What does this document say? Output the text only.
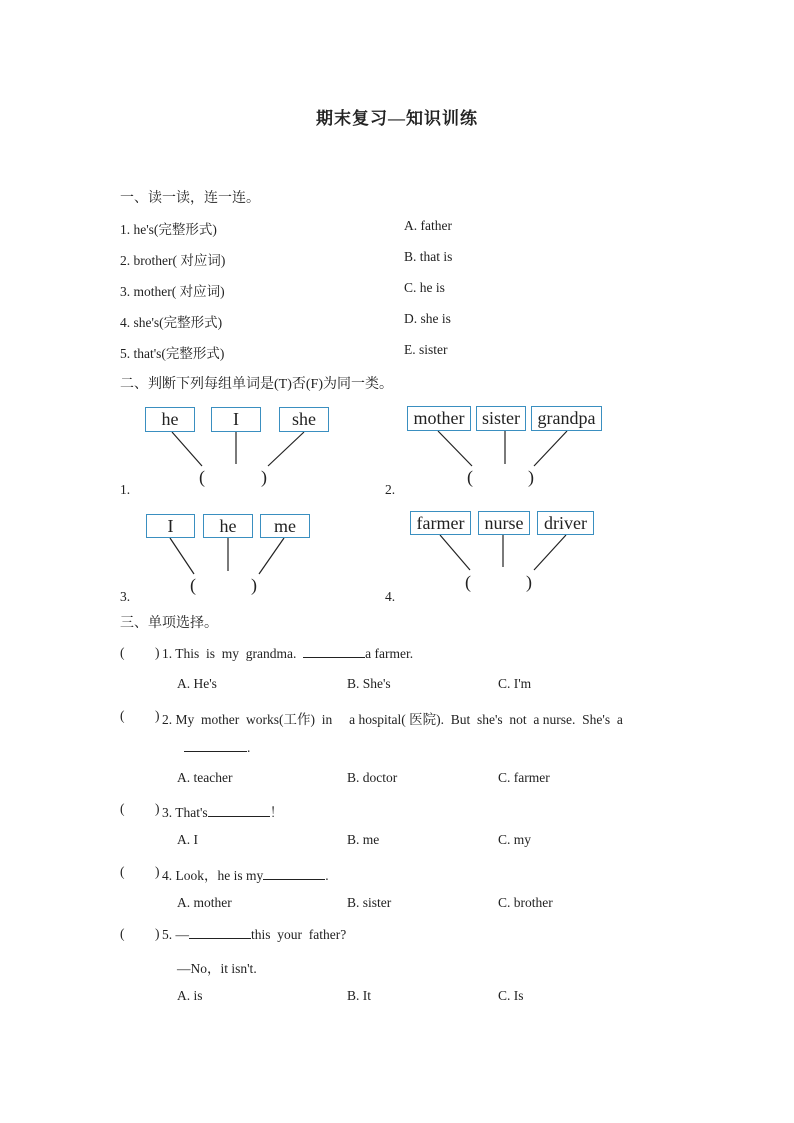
期末复习—知识训练
一、读一读，连一连。
1. he's(完整形式)
2. brother( 对应词)
3. mother( 对应词)
4. she's(完整形式)
5. that's(完整形式)
A. father
B. that is
C. he is
D. she is
E. sister
二、判断下列每组单词是(T)否(F)为同一类。
he	I	she
1.
(	)
mother sister grandpa
2.
(	)
I	he	me
3.
(	)
farmer	nurse	driver
4.
(	)
三、单项选择。
( ) 1. This  is  my  grandma.	a farmer.
A. He's	B. She's	C. I'm
( ) 2. My  mother  works(工作)  in     a hospital( 医院).  But  she's  not  a nurse.  She's  a
.
A. teacher	B. doctor	C. farmer
( ) 3. That's	！
A. I	B. me	C. my
( ) 4. Look，he is my	.
A. mother	B. sister	C. brother
( ) 5. —	this  your  father?
—No，it isn't.
A. is	B. It	C. Is
